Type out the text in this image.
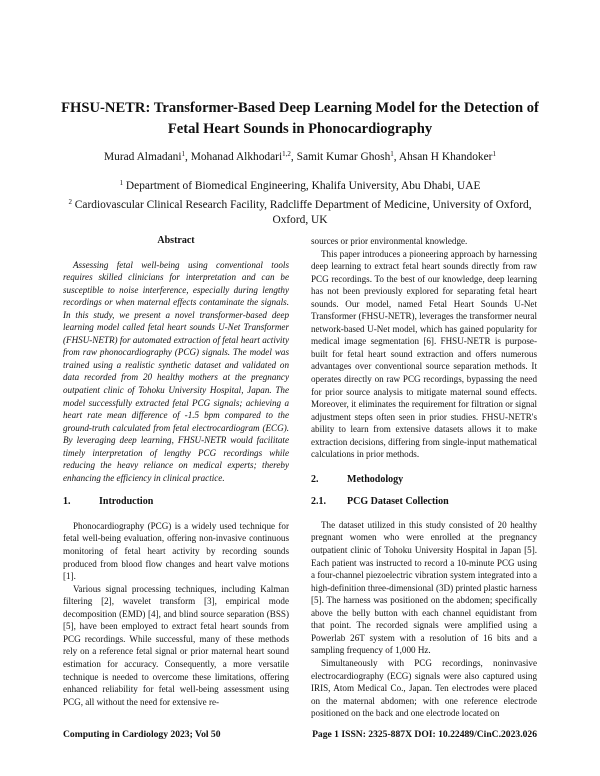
FHSU-NETR: Transformer-Based Deep Learning Model for the Detection of
Fetal Heart Sounds in Phonocardiography
Murad Almadani$^1$, Mohanad Alkhodari$^{1,2}$, Samit Kumar Ghosh$^1$, Ahsan H Khandoker$^1$
$^1$ Department of Biomedical Engineering, Khalifa University, Abu Dhabi, UAE
$^2$ Cardiovascular Clinical Research Facility, Radcliffe Department of Medicine, University of Oxford,
Oxford, UK
Abstract

Assessing fetal well-being using conventional tools requires skilled clinicians for interpretation and can be susceptible to noise interference, especially during lengthy recordings or when maternal effects contaminate the signals. In this study, we present a novel transformer-based deep learning model called fetal heart sounds U-Net Transformer (FHSU-NETR) for automated extraction of fetal heart activity from raw phonocardiography (PCG) signals. The model was trained using a realistic synthetic dataset and validated on data recorded from 20 healthy mothers at the pregnancy outpatient clinic of Tohoku University Hospital, Japan. The model successfully extracted fetal PCG signals; achieving a heart rate mean difference of -1.5 bpm compared to the ground-truth calculated from fetal electrocardiogram (ECG). By leveraging deep learning, FHSU-NETR would facilitate timely interpretation of lengthy PCG recordings while reducing the heavy reliance on medical experts; thereby enhancing the efficiency in clinical practice.

1.	Introduction

Phonocardiography (PCG) is a widely used technique for fetal well-being evaluation, offering non-invasive continuous monitoring of fetal heart activity by recording sounds produced from blood flow changes and heart valve motions [1].

Various signal processing techniques, including Kalman filtering [2], wavelet transform [3], empirical mode decomposition (EMD) [4], and blind source separation (BSS) [5], have been employed to extract fetal heart sounds from PCG recordings. While successful, many of these methods rely on a reference fetal signal or prior maternal heart sound estimation for accuracy. Consequently, a more versatile technique is needed to overcome these limitations, offering enhanced reliability for fetal well-being assessment using PCG, all without the need for extensive re-

sources or prior environmental knowledge.

This paper introduces a pioneering approach by harnessing deep learning to extract fetal heart sounds directly from raw PCG recordings. To the best of our knowledge, deep learning has not been previously explored for separating fetal heart sounds. Our model, named Fetal Heart Sounds U-Net Transformer (FHSU-NETR), leverages the transformer neural network-based U-Net model, which has gained popularity for medical image segmentation [6]. FHSU-NETR is purpose-built for fetal heart sound extraction and offers numerous advantages over conventional source separation methods. It operates directly on raw PCG recordings, bypassing the need for prior source analysis to mitigate maternal sound effects. Moreover, it eliminates the requirement for filtration or signal adjustment steps often seen in prior studies. FHSU-NETR's ability to learn from extensive datasets allows it to make extraction decisions, differing from single-input mathematical calculations in prior methods.

2.	Methodology
2.1.	PCG Dataset Collection

The dataset utilized in this study consisted of 20 healthy pregnant women who were enrolled at the pregnancy outpatient clinic of Tohoku University Hospital in Japan [5]. Each patient was instructed to record a 10-minute PCG using a four-channel piezoelectric vibration system integrated into a high-definition three-dimensional (3D) printed plastic harness [5]. The harness was positioned on the abdomen; specifically above the belly button with each channel equidistant from that point. The recorded signals were amplified using a Powerlab 26T system with a resolution of 16 bits and a sampling frequency of 1,000 Hz.

Simultaneously with PCG recordings, noninvasive electrocardiography (ECG) signals were also captured using IRIS, Atom Medical Co., Japan. Ten electrodes were placed on the maternal abdomen; with one reference electrode positioned on the back and one electrode located on

Computing in Cardiology 2023; Vol 50	Page 1 ISSN: 2325-887X DOI: 10.22489/CinC.2023.026
